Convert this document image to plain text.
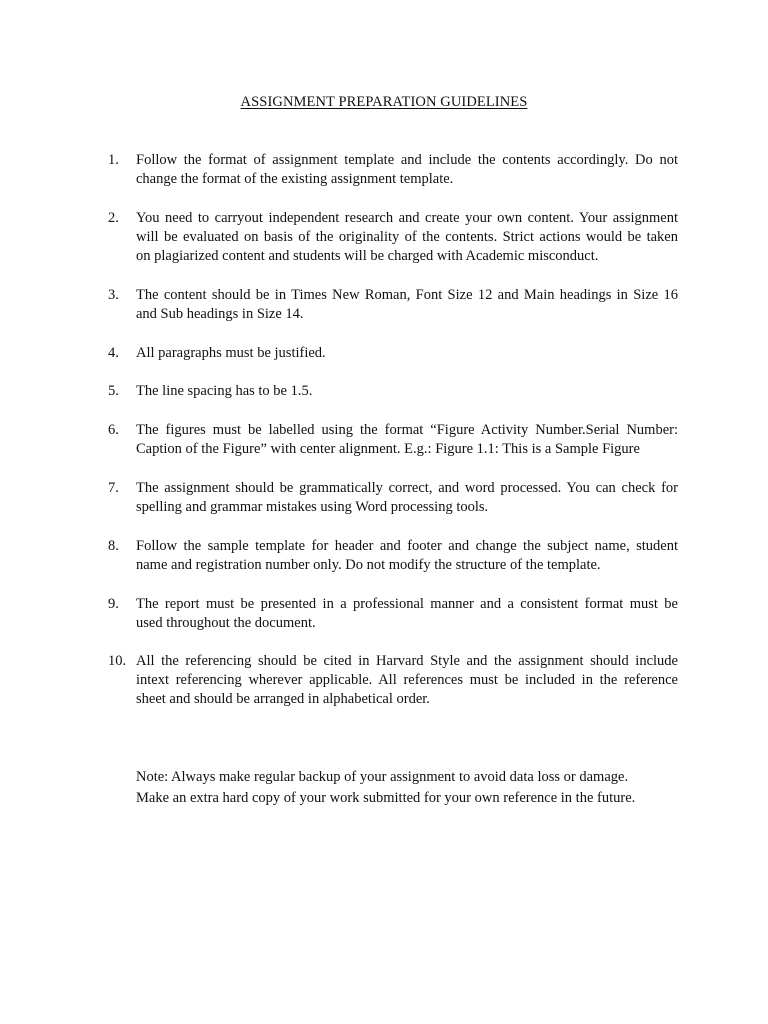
ASSIGNMENT PREPARATION GUIDELINES
1.	Follow the format of assignment template and include the contents accordingly. Do not
change the format of the existing assignment template.
2.	You need to carryout independent research and create your own content. Your assignment
will be evaluated on basis of the originality of the contents. Strict actions would be taken
on plagiarized content and students will be charged with Academic misconduct.
3.	The content should be in Times New Roman, Font Size 12 and Main headings in Size 16
and Sub headings in Size 14.
4.	All paragraphs must be justified.
5.	The line spacing has to be 1.5.
6.	The figures must be labelled using the format “Figure Activity Number.Serial Number:
Caption of the Figure” with center alignment. E.g.: Figure 1.1: This is a Sample Figure
7.	The assignment should be grammatically correct, and word processed. You can check for
spelling and grammar mistakes using Word processing tools.
8.	Follow the sample template for header and footer and change the subject name, student
name and registration number only. Do not modify the structure of the template.
9.	The report must be presented in a professional manner and a consistent format must be
used throughout the document.
10. All the referencing should be cited in Harvard Style and the assignment should include
intext referencing wherever applicable. All references must be included in the reference
sheet and should be arranged in alphabetical order.
Note: Always make regular backup of your assignment to avoid data loss or damage.
Make an extra hard copy of your work submitted for your own reference in the future.
